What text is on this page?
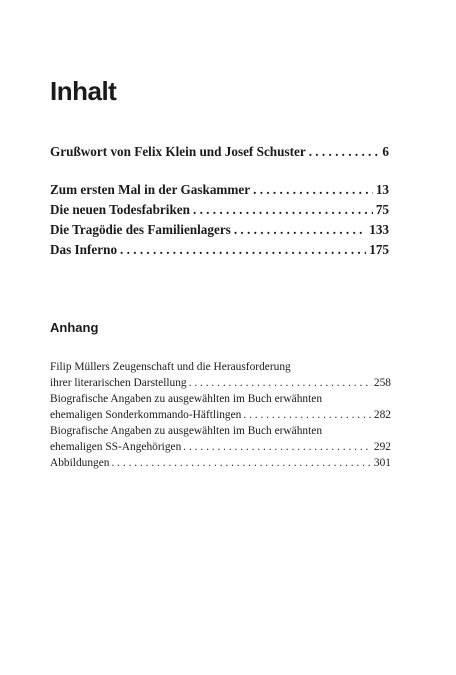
Inhalt
Grußwort von Felix Klein und Josef Schuster . . .	6
Zum ersten Mal in der Gaskammer . . .	13
Die neuen Todesfabriken . . .	75
Die Tragödie des Familienlagers . . .	133
Das Inferno . . .	175
Anhang
Filip Müllers Zeugenschaft und die Herausforderung
ihrer literarischen Darstellung . . .	258
Biografische Angaben zu ausgewählten im Buch erwähnten
ehemaligen Sonderkommando-Häftlingen . . .	282
Biografische Angaben zu ausgewählten im Buch erwähnten
ehemaligen SS-Angehörigen . . .	292
Abbildungen . . .	301
